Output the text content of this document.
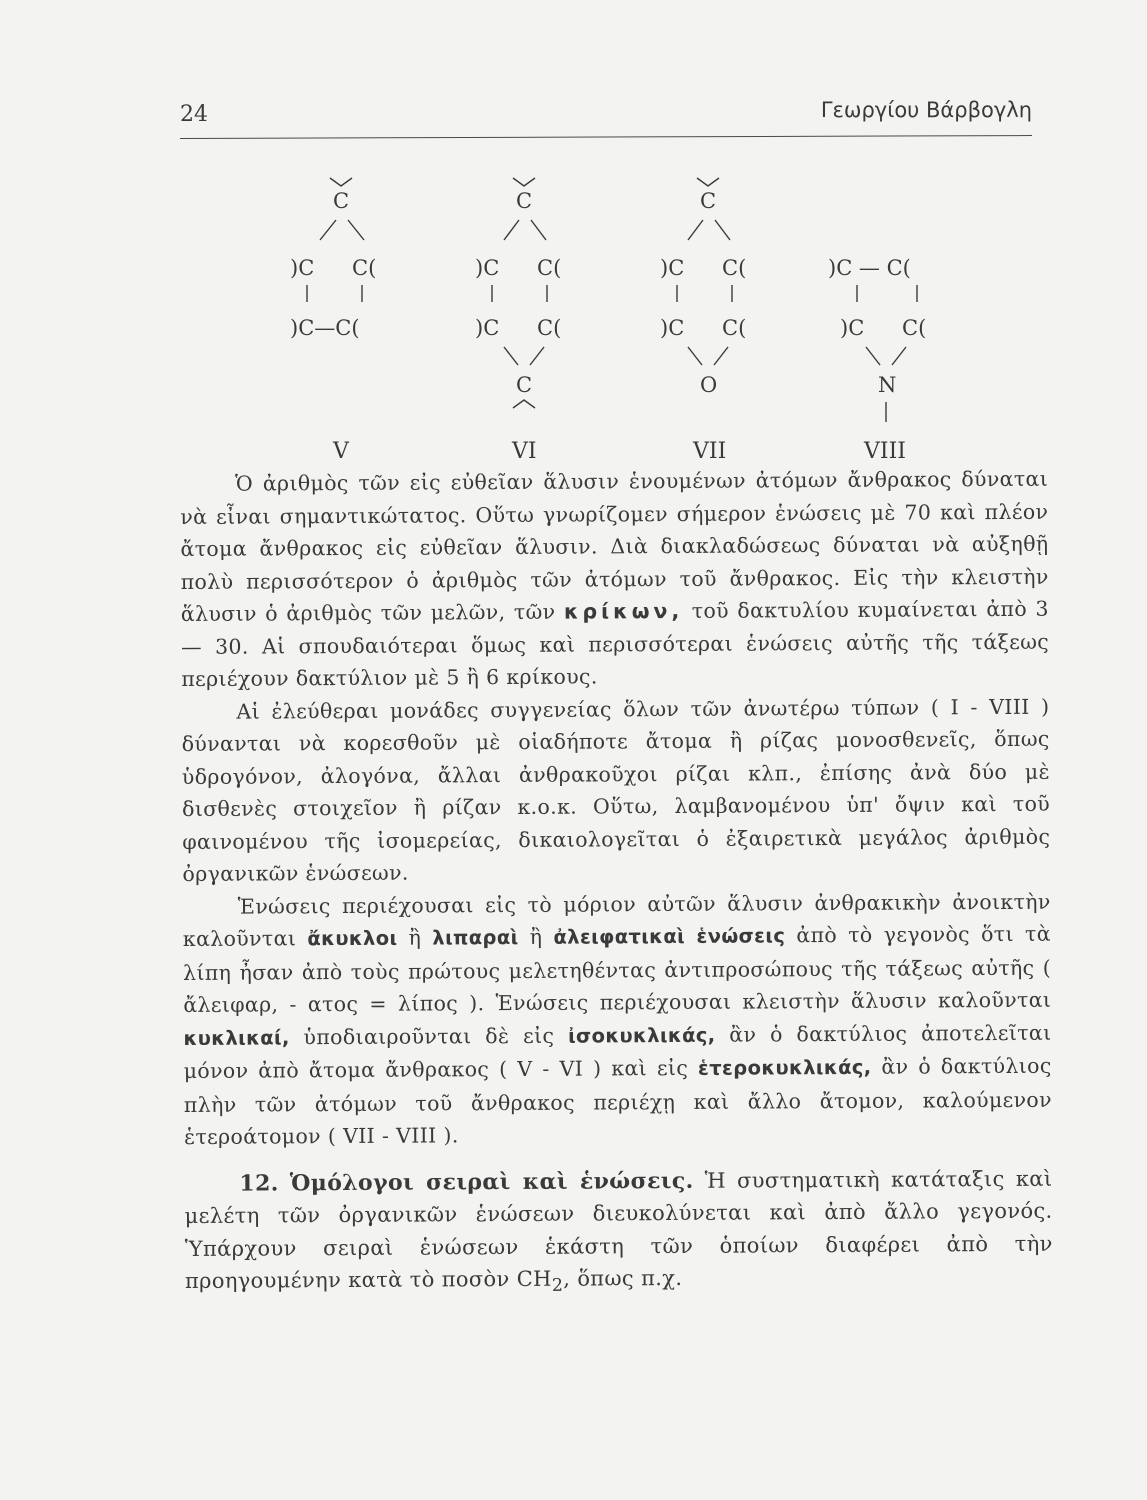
24	Γεωργίου Βάρβογλη
C
)C C(
)C—C(
V
C
)C C(
)C C(
C
VI
C
)C C(
)C C(
O
VII
)C — C(
)C C(
N
VIII

Ὁ ἀριθμὸς τῶν εἰς εὐθεῖαν ἅλυσιν ἑνουμένων ἀτόμων ἄνθρακος δύναται νὰ εἶναι σημαντικώτατος. Οὕτω γνωρίζομεν σήμερον ἑνώσεις μὲ 70 καὶ πλέον ἄτομα ἄνθρακος εἰς εὐθεῖαν ἅλυσιν. Διὰ διακλαδώσεως δύναται νὰ αὐξηθῇ πολὺ περισσότερον ὁ ἀριθμὸς τῶν ἀτόμων τοῦ ἄνθρακος. Εἰς τὴν κλειστὴν ἅλυσιν ὁ ἀριθμὸς τῶν μελῶν, τῶν κρίκων, τοῦ δακτυλίου κυμαίνεται ἀπὸ 3 — 30. Αἱ σπουδαιότεραι ὅμως καὶ περισσότεραι ἑνώσεις αὐτῆς τῆς τάξεως περιέχουν δακτύλιον μὲ 5 ἢ 6 κρίκους.

Αἱ ἐλεύθεραι μονάδες συγγενείας ὅλων τῶν ἀνωτέρω τύπων ( I - VIII ) δύνανται νὰ κορεσθοῦν μὲ οἱαδήποτε ἄτομα ἢ ρίζας μονοσθενεῖς, ὅπως ὑδρογόνον, ἀλογόνα, ἄλλαι ἀνθρακοῦχοι ρίζαι κλπ., ἐπίσης ἀνὰ δύο μὲ δισθενὲς στοιχεῖον ἢ ρίζαν κ.ο.κ. Οὕτω, λαμβανομένου ὑπ' ὄψιν καὶ τοῦ φαινομένου τῆς ἰσομερείας, δικαιολογεῖται ὁ ἐξαιρετικὰ μεγάλος ἀριθμὸς ὀργανικῶν ἑνώσεων.

Ἑνώσεις περιέχουσαι εἰς τὸ μόριον αὐτῶν ἅλυσιν ἀνθρακικὴν ἀνοικτὴν καλοῦνται ἄκυκλοι ἢ λιπαραὶ ἢ ἀλειφατικαὶ ἑνώσεις ἀπὸ τὸ γεγονὸς ὅτι τὰ λίπη ἦσαν ἀπὸ τοὺς πρώτους μελετηθέντας ἀντιπροσώπους τῆς τάξεως αὐτῆς ( ἄλειφαρ, - ατος = λίπος ). Ἑνώσεις περιέχουσαι κλειστὴν ἅλυσιν καλοῦνται κυκλικαί, ὑποδιαιροῦνται δὲ εἰς ἰσοκυκλικάς, ἂν ὁ δακτύλιος ἀποτελεῖται μόνον ἀπὸ ἄτομα ἄνθρακος ( V - VI ) καὶ εἰς ἑτεροκυκλικάς, ἂν ὁ δακτύλιος πλὴν τῶν ἀτόμων τοῦ ἄνθρακος περιέχῃ καὶ ἄλλο ἄτομον, καλούμενον ἑτεροάτομον ( VII - VIII ).

12. Ὁμόλογοι σειραὶ καὶ ἑνώσεις. Ἡ συστηματικὴ κατάταξις καὶ μελέτη τῶν ὀργανικῶν ἑνώσεων διευκολύνεται καὶ ἀπὸ ἄλλο γεγονός. Ὑπάρχουν σειραὶ ἑνώσεων ἑκάστη τῶν ὁποίων διαφέρει ἀπὸ τὴν προηγουμένην κατὰ τὸ ποσὸν $CH_2$, ὅπως π.χ.
